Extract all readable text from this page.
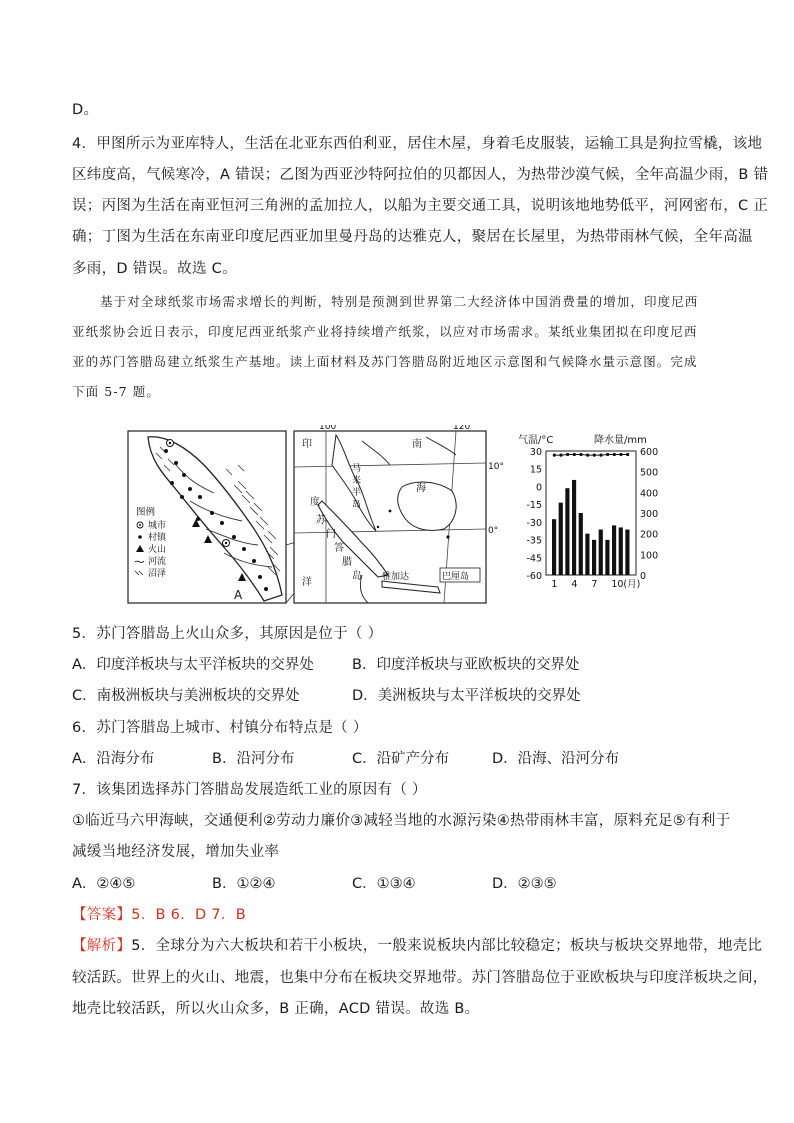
D。
4．甲图所示为亚库特人，生活在北亚东西伯利亚，居住木屋，身着毛皮服装，运输工具是狗拉雪橇，该地
区纬度高，气候寒冷，A 错误；乙图为西亚沙特阿拉伯的贝都因人，为热带沙漠气候，全年高温少雨，B 错
误；丙图为生活在南亚恒河三角洲的孟加拉人，以船为主要交通工具，说明该地地势低平，河网密布，C 正
确；丁图为生活在东南亚印度尼西亚加里曼丹岛的达雅克人，聚居在长屋里，为热带雨林气候，全年高温
多雨，D 错误。故选 C。
基于对全球纸浆市场需求增长的判断，特别是预测到世界第二大经济体中国消费量的增加，印度尼西
亚纸浆协会近日表示，印度尼西亚纸浆产业将持续增产纸浆，以应对市场需求。某纸业集团拟在印度尼西
亚的苏门答腊岛建立纸浆生产基地。读上面材料及苏门答腊岛附近地区示意图和气候降水量示意图。完成
下面 5-7 题。
图例
城市
村镇
火山
河流
沼泽
A
100°	120°
10°
0°
印	南
海
度
苏
门
答
腊
岛
洋
马
来
半
岛
雅加达	巴厘岛
气温/°C	降水量/mm
30
15
0
-15
-30
-35
-45
-60
600
500
400
300
200
100
0
1 4 7 10(月)
5．苏门答腊岛上火山众多，其原因是位于（ ）
A．印度洋板块与太平洋板块的交界处	B．印度洋板块与亚欧板块的交界处
C．南极洲板块与美洲板块的交界处	D．美洲板块与太平洋板块的交界处
6．苏门答腊岛上城市、村镇分布特点是（ ）
A．沿海分布	B．沿河分布	C．沿矿产分布	D．沿海、沿河分布
7．该集团选择苏门答腊岛发展造纸工业的原因有（ ）
①临近马六甲海峡，交通便利②劳动力廉价③减轻当地的水源污染④热带雨林丰富，原料充足⑤有利于
减缓当地经济发展，增加失业率
A．②④⑤	B．①②④	C．①③④	D．②③⑤
【答案】5．B 6．D 7．B
【解析】5．全球分为六大板块和若干小板块，一般来说板块内部比较稳定；板块与板块交界地带，地壳比
较活跃。世界上的火山、地震，也集中分布在板块交界地带。苏门答腊岛位于亚欧板块与印度洋板块之间，
地壳比较活跃，所以火山众多，B 正确，ACD 错误。故选 B。
